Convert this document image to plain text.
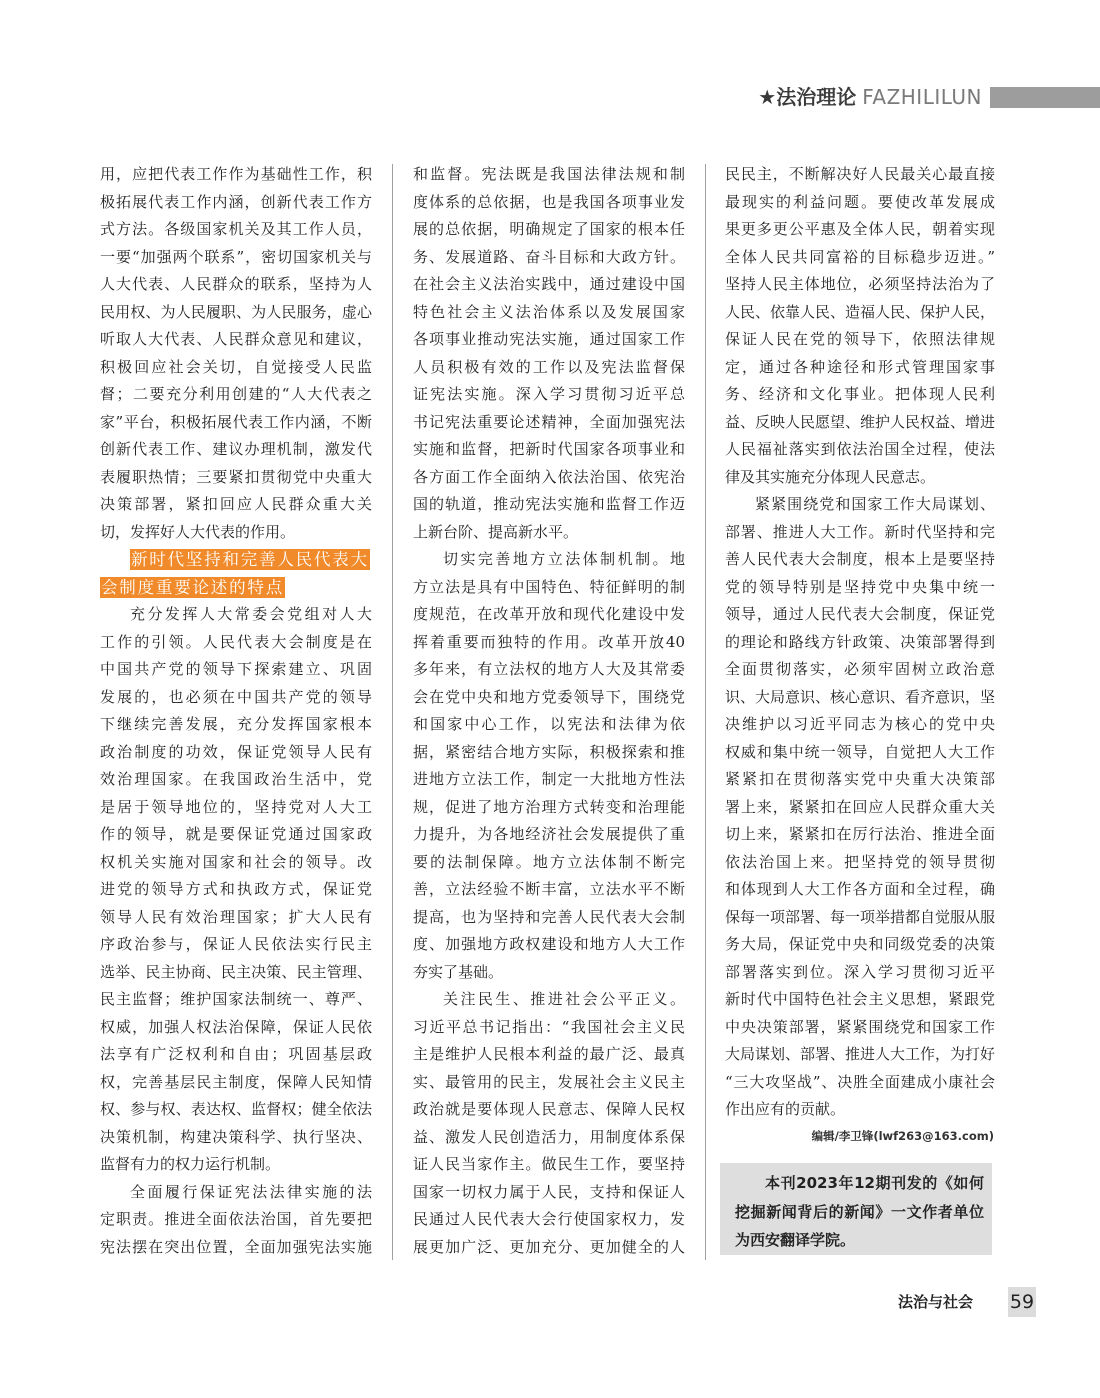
★法治理论 FAZHILILUN
用，应把代表工作作为基础性工作，积
极拓展代表工作内涵，创新代表工作方
式方法。各级国家机关及其工作人员，
一要“加强两个联系”，密切国家机关与
人大代表、人民群众的联系，坚持为人
民用权、为人民履职、为人民服务，虚心
听取人大代表、人民群众意见和建议，
积极回应社会关切，自觉接受人民监
督；二要充分利用创建的“人大代表之
家”平台，积极拓展代表工作内涵，不断
创新代表工作、建议办理机制，激发代
表履职热情；三要紧扣贯彻党中央重大
决策部署，紧扣回应人民群众重大关
切，发挥好人大代表的作用。
新时代坚持和完善人民代表大
会制度重要论述的特点
充分发挥人大常委会党组对人大
工作的引领。人民代表大会制度是在
中国共产党的领导下探索建立、巩固
发展的，也必须在中国共产党的领导
下继续完善发展，充分发挥国家根本
政治制度的功效，保证党领导人民有
效治理国家。在我国政治生活中，党
是居于领导地位的，坚持党对人大工
作的领导，就是要保证党通过国家政
权机关实施对国家和社会的领导。改
进党的领导方式和执政方式，保证党
领导人民有效治理国家；扩大人民有
序政治参与，保证人民依法实行民主
选举、民主协商、民主决策、民主管理、
民主监督；维护国家法制统一、尊严、
权威，加强人权法治保障，保证人民依
法享有广泛权利和自由；巩固基层政
权，完善基层民主制度，保障人民知情
权、参与权、表达权、监督权；健全依法
决策机制，构建决策科学、执行坚决、
监督有力的权力运行机制。
全面履行保证宪法法律实施的法
定职责。推进全面依法治国，首先要把
宪法摆在突出位置，全面加强宪法实施
和监督。宪法既是我国法律法规和制
度体系的总依据，也是我国各项事业发
展的总依据，明确规定了国家的根本任
务、发展道路、奋斗目标和大政方针。
在社会主义法治实践中，通过建设中国
特色社会主义法治体系以及发展国家
各项事业推动宪法实施，通过国家工作
人员积极有效的工作以及宪法监督保
证宪法实施。深入学习贯彻习近平总
书记宪法重要论述精神，全面加强宪法
实施和监督，把新时代国家各项事业和
各方面工作全面纳入依法治国、依宪治
国的轨道，推动宪法实施和监督工作迈
上新台阶、提高新水平。
切实完善地方立法体制机制。地
方立法是具有中国特色、特征鲜明的制
度规范，在改革开放和现代化建设中发
挥着重要而独特的作用。改革开放40
多年来，有立法权的地方人大及其常委
会在党中央和地方党委领导下，围绕党
和国家中心工作，以宪法和法律为依
据，紧密结合地方实际，积极探索和推
进地方立法工作，制定一大批地方性法
规，促进了地方治理方式转变和治理能
力提升，为各地经济社会发展提供了重
要的法制保障。地方立法体制不断完
善，立法经验不断丰富，立法水平不断
提高，也为坚持和完善人民代表大会制
度、加强地方政权建设和地方人大工作
夯实了基础。
关注民生、推进社会公平正义。
习近平总书记指出：“我国社会主义民
主是维护人民根本利益的最广泛、最真
实、最管用的民主，发展社会主义民主
政治就是要体现人民意志、保障人民权
益、激发人民创造活力，用制度体系保
证人民当家作主。做民生工作，要坚持
国家一切权力属于人民，支持和保证人
民通过人民代表大会行使国家权力，发
展更加广泛、更加充分、更加健全的人
民民主，不断解决好人民最关心最直接
最现实的利益问题。要使改革发展成
果更多更公平惠及全体人民，朝着实现
全体人民共同富裕的目标稳步迈进。”
坚持人民主体地位，必须坚持法治为了
人民、依靠人民、造福人民、保护人民，
保证人民在党的领导下，依照法律规
定，通过各种途径和形式管理国家事
务、经济和文化事业。把体现人民利
益、反映人民愿望、维护人民权益、增进
人民福祉落实到依法治国全过程，使法
律及其实施充分体现人民意志。
紧紧围绕党和国家工作大局谋划、
部署、推进人大工作。新时代坚持和完
善人民代表大会制度，根本上是要坚持
党的领导特别是坚持党中央集中统一
领导，通过人民代表大会制度，保证党
的理论和路线方针政策、决策部署得到
全面贯彻落实，必须牢固树立政治意
识、大局意识、核心意识、看齐意识，坚
决维护以习近平同志为核心的党中央
权威和集中统一领导，自觉把人大工作
紧紧扣在贯彻落实党中央重大决策部
署上来，紧紧扣在回应人民群众重大关
切上来，紧紧扣在厉行法治、推进全面
依法治国上来。把坚持党的领导贯彻
和体现到人大工作各方面和全过程，确
保每一项部署、每一项举措都自觉服从服
务大局，保证党中央和同级党委的决策
部署落实到位。深入学习贯彻习近平
新时代中国特色社会主义思想，紧跟党
中央决策部署，紧紧围绕党和国家工作
大局谋划、部署、推进人大工作，为打好
“三大攻坚战”、决胜全面建成小康社会
作出应有的贡献。
编辑/李卫锋(lwf263@163.com)
本刊2023年12期刊发的《如何
挖掘新闻背后的新闻》一文作者单位
为西安翻译学院。
法治与社会 59
